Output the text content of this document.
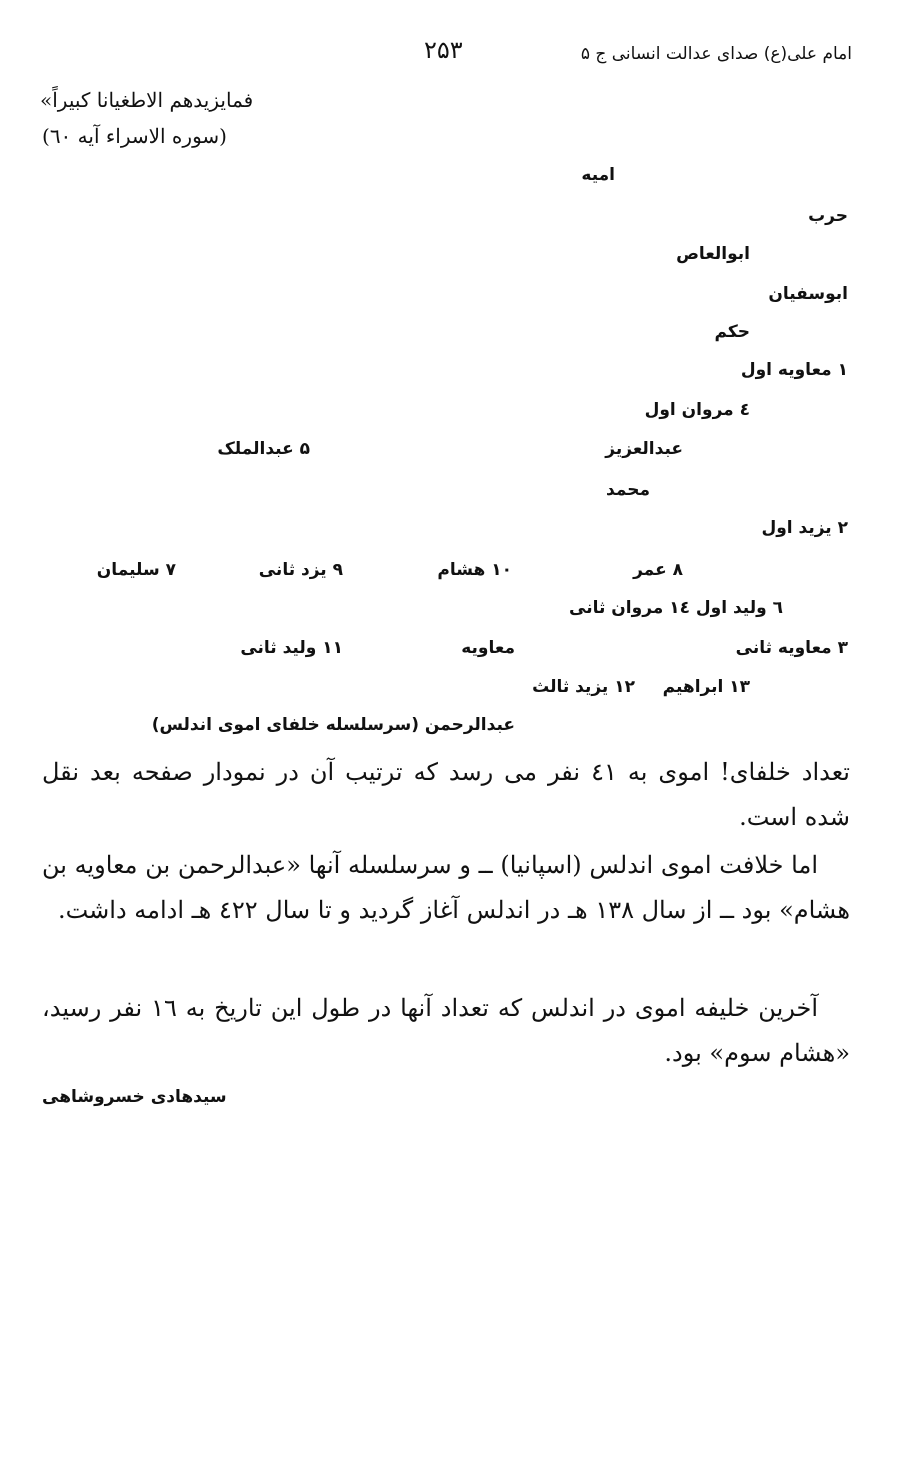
امام علی(ع) صدای عدالت انسانی ج ۵
۲۵۳
فمایزیدهم الاطغیانا کبیراً»
(سوره الاسراء آیه ٦۰)
امیه
حرب
ابوالعاص
ابوسفیان
حکم
۱ معاویه اول
٤ مروان اول
عبدالعزیز
۵ عبدالملک
محمد
۲ یزید اول
۸ عمر
۱۰ هشام
۹ یزد ثانی
۷ سلیمان
٦ ولید اول
١٤ مروان ثانی
۳ معاویه ثانی
معاویه
۱۱ ولید ثانی
۱۳ ابراهیم
۱۲ یزید ثالث
عبدالرحمن (سرسلسله خلفای اموی اندلس)
تعداد خلفای! اموی به ٤۱ نفر می رسد که ترتیب آن در نمودار صفحه بعد نقل شده است.
اما خلافت اموی اندلس (اسپانیا) ــ و سرسلسله آنها «عبدالرحمن بن معاویه بن هشام» بود ــ از سال ۱۳۸ هـ در اندلس آغاز گردید و تا سال ٤۲۲ هـ ادامه داشت.
آخرین خلیفه اموی در اندلس که تعداد آنها در طول این تاریخ به ١٦ نفر رسید، «هشام سوم» بود.
سیدهادی خسروشاهی
